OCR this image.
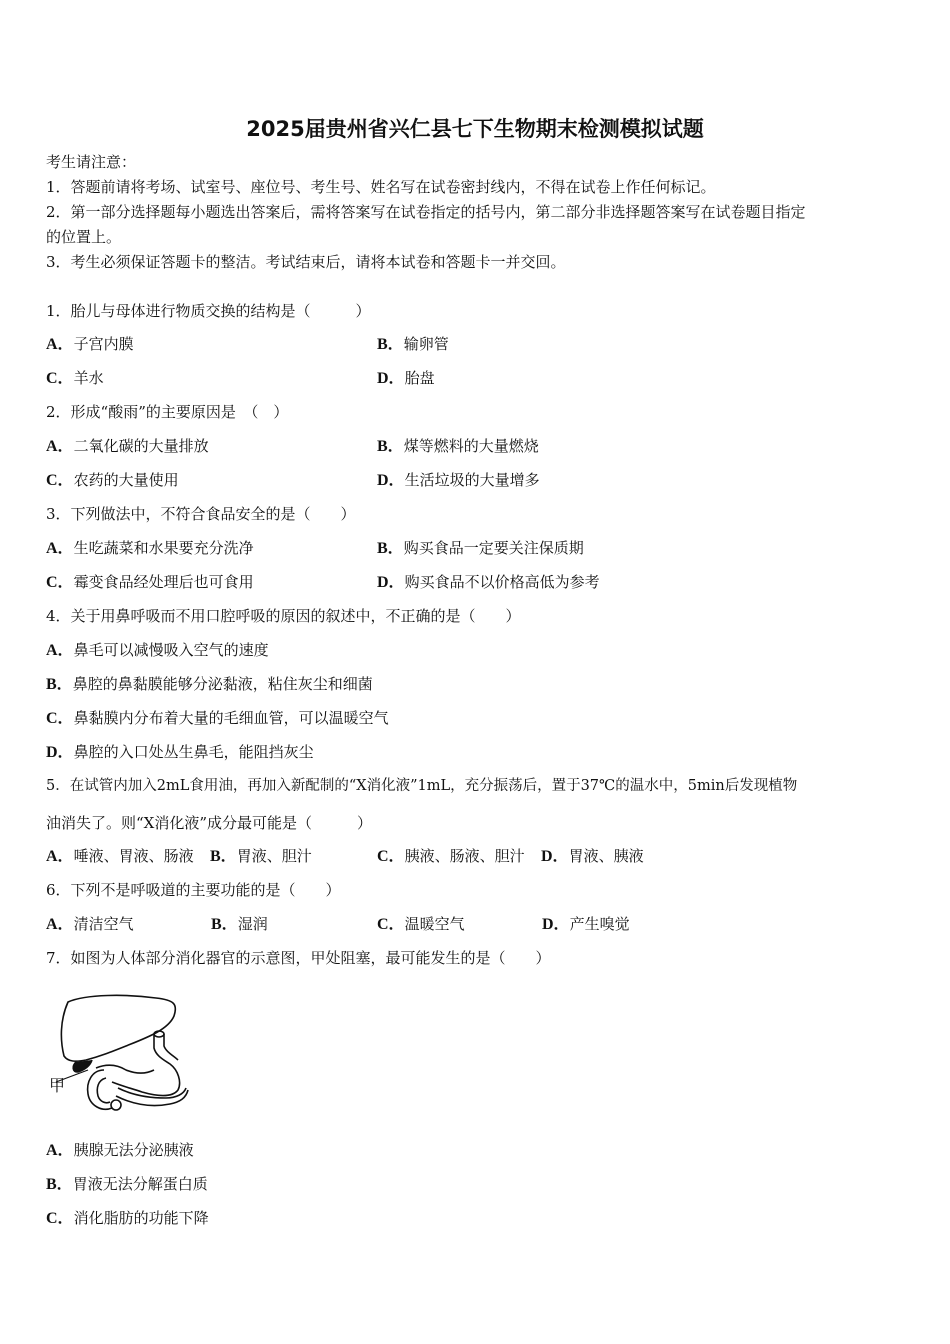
2025届贵州省兴仁县七下生物期末检测模拟试题
考生请注意：
1．答题前请将考场、试室号、座位号、考生号、姓名写在试卷密封线内，不得在试卷上作任何标记。
2．第一部分选择题每小题选出答案后，需将答案写在试卷指定的括号内，第二部分非选择题答案写在试卷题目指定
的位置上。
3．考生必须保证答题卡的整洁。考试结束后，请将本试卷和答题卡一并交回。
1．胎儿与母体进行物质交换的结构是（　　　）
A．子宫内膜	B．输卵管
C．羊水	D．胎盘
2．形成“酸雨”的主要原因是　（　）
A．二氧化碳的大量排放	B．煤等燃料的大量燃烧
C．农药的大量使用	D．生活垃圾的大量增多
3．下列做法中，不符合食品安全的是（　　）
A．生吃蔬菜和水果要充分洗净	B．购买食品一定要关注保质期
C．霉变食品经处理后也可食用	D．购买食品不以价格高低为参考
4．关于用鼻呼吸而不用口腔呼吸的原因的叙述中，不正确的是（　　）
A．鼻毛可以减慢吸入空气的速度
B．鼻腔的鼻黏膜能够分泌黏液，粘住灰尘和细菌
C．鼻黏膜内分布着大量的毛细血管，可以温暖空气
D．鼻腔的入口处丛生鼻毛，能阻挡灰尘
5．在试管内加入2mL食用油，再加入新配制的“X消化液”1mL，充分振荡后，置于37℃的温水中，5min后发现植物
油消失了。则“X消化液”成分最可能是（　　　）
A．唾液、胃液、肠液 B．胃液、胆汁	C．胰液、肠液、胆汁 D．胃液、胰液
6．下列不是呼吸道的主要功能的是（　　）
A．清洁空气	B．湿润	C．温暖空气	D．产生嗅觉
7．如图为人体部分消化器官的示意图，甲处阻塞，最可能发生的是（　　）
甲
A．胰腺无法分泌胰液
B．胃液无法分解蛋白质
C．消化脂肪的功能下降
